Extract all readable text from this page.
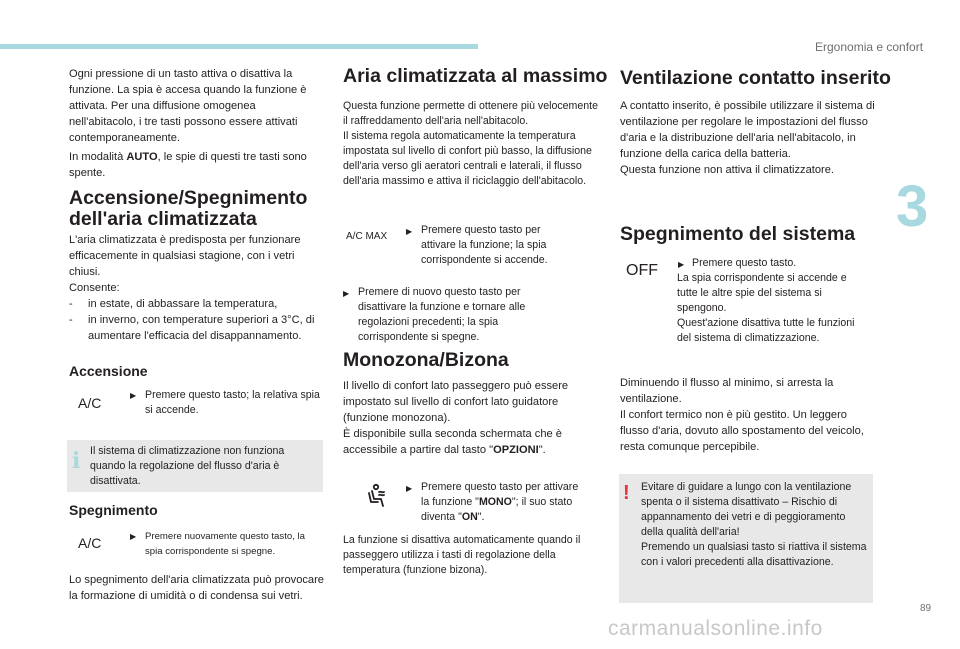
Ergonomia e confort
3
89
carmanualsonline.info

Ogni pressione di un tasto attiva o disattiva la funzione. La spia è accesa quando la funzione è attivata. Per una diffusione omogenea nell'abitacolo, i tre tasti possono essere attivati contemporaneamente.

In modalità AUTO, le spie di questi tre tasti sono spente.

Accensione/Spegnimento dell'aria climatizzata

L'aria climatizzata è predisposta per funzionare efficacemente in qualsiasi stagione, con i vetri chiusi.
Consente:

- in estate, di abbassare la temperatura,
- in inverno, con temperature superiori a 3°C, di aumentare l'efficacia del disappannamento.
Accensione
A/C	▶ Premere questo tasto; la relativa spia si accende.

i Il sistema di climatizzazione non funziona quando la regolazione del flusso d'aria è disattivata.

Spegnimento
A/C	▶ Premere nuovamente questo tasto, la spia corrispondente si spegne.

Lo spegnimento dell'aria climatizzata può provocare la formazione di umidità o di condensa sui vetri.

Aria climatizzata al massimo

Questa funzione permette di ottenere più velocemente il raffreddamento dell'aria nell'abitacolo.
Il sistema regola automaticamente la temperatura impostata sul livello di confort più basso, la diffusione dell'aria verso gli aeratori centrali e laterali, il flusso dell'aria massimo e attiva il riciclaggio dell'abitacolo.

A/C MAX ▶ Premere questo tasto per attivare la funzione; la spia corrispondente si accende.

▶ Premere di nuovo questo tasto per disattivare la funzione e tornare alle regolazioni precedenti; la spia corrispondente si spegne.

Monozona/Bizona

Il livello di confort lato passeggero può essere impostato sul livello di confort lato guidatore (funzione monozona).
È disponibile sulla seconda schermata che è accessibile a partire dal tasto "OPZIONI".

▶ Premere questo tasto per attivare la funzione "MONO"; il suo stato diventa "ON".

La funzione si disattiva automaticamente quando il passeggero utilizza i tasti di regolazione della temperatura (funzione bizona).

Ventilazione contatto inserito

A contatto inserito, è possibile utilizzare il sistema di ventilazione per regolare le impostazioni del flusso d'aria e la distribuzione dell'aria nell'abitacolo, in funzione della carica della batteria.
Questa funzione non attiva il climatizzatore.

Spegnimento del sistema
OFF	▶ Premere questo tasto.
La spia corrispondente si accende e tutte le altre spie del sistema si spengono.
Quest'azione disattiva tutte le funzioni del sistema di climatizzazione.

Diminuendo il flusso al minimo, si arresta la ventilazione.
Il confort termico non è più gestito. Un leggero flusso d'aria, dovuto allo spostamento del veicolo, resta comunque percepibile.

! Evitare di guidare a lungo con la ventilazione spenta o il sistema disattivato – Rischio di appannamento dei vetri e di peggioramento della qualità dell'aria!
Premendo un qualsiasi tasto si riattiva il sistema con i valori precedenti alla disattivazione.
